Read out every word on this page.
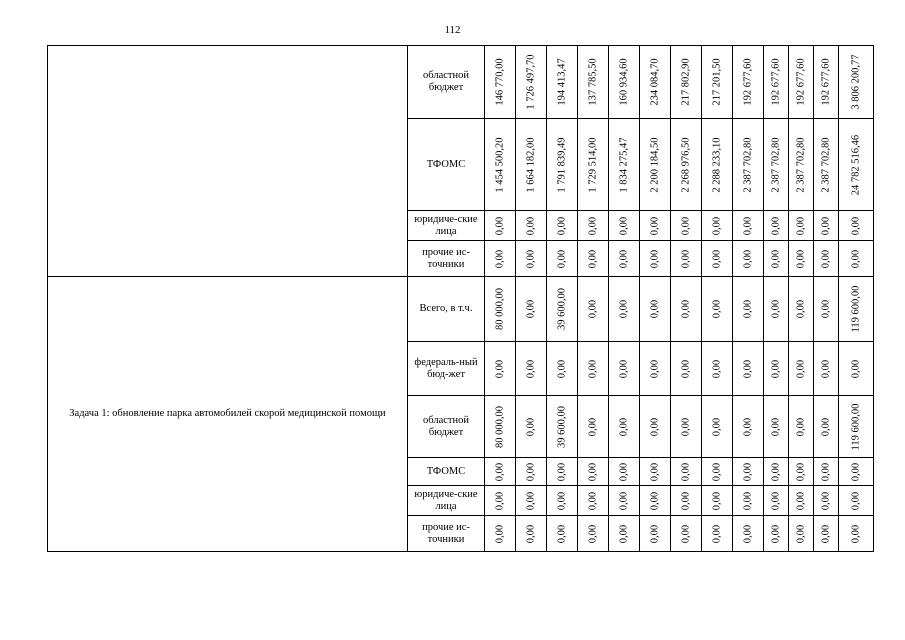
112
	областной бюджет	146 770,00	1 726 497,70	194 413,47	137 785,50	160 934,60	234 084,70	217 802,90	217 201,50	192 677,60	192 677,60	192 677,60	192 677,60	3 806 200,77

	ТФОМС	1 454 500,20	1 664 182,00	1 791 839,49	1 729 514,00	1 834 275,47	2 200 184,50	2 268 976,50	2 288 233,10	2 387 702,80	2 387 702,80	2 387 702,80	2 387 702,80	24 782 516,46

	юридиче-ские лица	0,00	0,00	0,00	0,00	0,00	0,00	0,00	0,00	0,00	0,00	0,00	0,00	0,00

	прочие ис-точники	0,00	0,00	0,00	0,00	0,00	0,00	0,00	0,00	0,00	0,00	0,00	0,00	0,00

Задача 1: обновление парка автомобилей скорой медицинской помощи	Всего, в т.ч.	80 000,00	0,00	39 600,00	0,00	0,00	0,00	0,00	0,00	0,00	0,00	0,00	0,00	119 600,00

	федераль-ный бюд-жет	0,00	0,00	0,00	0,00	0,00	0,00	0,00	0,00	0,00	0,00	0,00	0,00	0,00

	областной бюджет	80 000,00	0,00	39 600,00	0,00	0,00	0,00	0,00	0,00	0,00	0,00	0,00	0,00	119 600,00

	ТФОМС	0,00	0,00	0,00	0,00	0,00	0,00	0,00	0,00	0,00	0,00	0,00	0,00	0,00

	юридиче-ские лица	0,00	0,00	0,00	0,00	0,00	0,00	0,00	0,00	0,00	0,00	0,00	0,00	0,00

	прочие ис-точники	0,00	0,00	0,00	0,00	0,00	0,00	0,00	0,00	0,00	0,00	0,00	0,00	0,00
